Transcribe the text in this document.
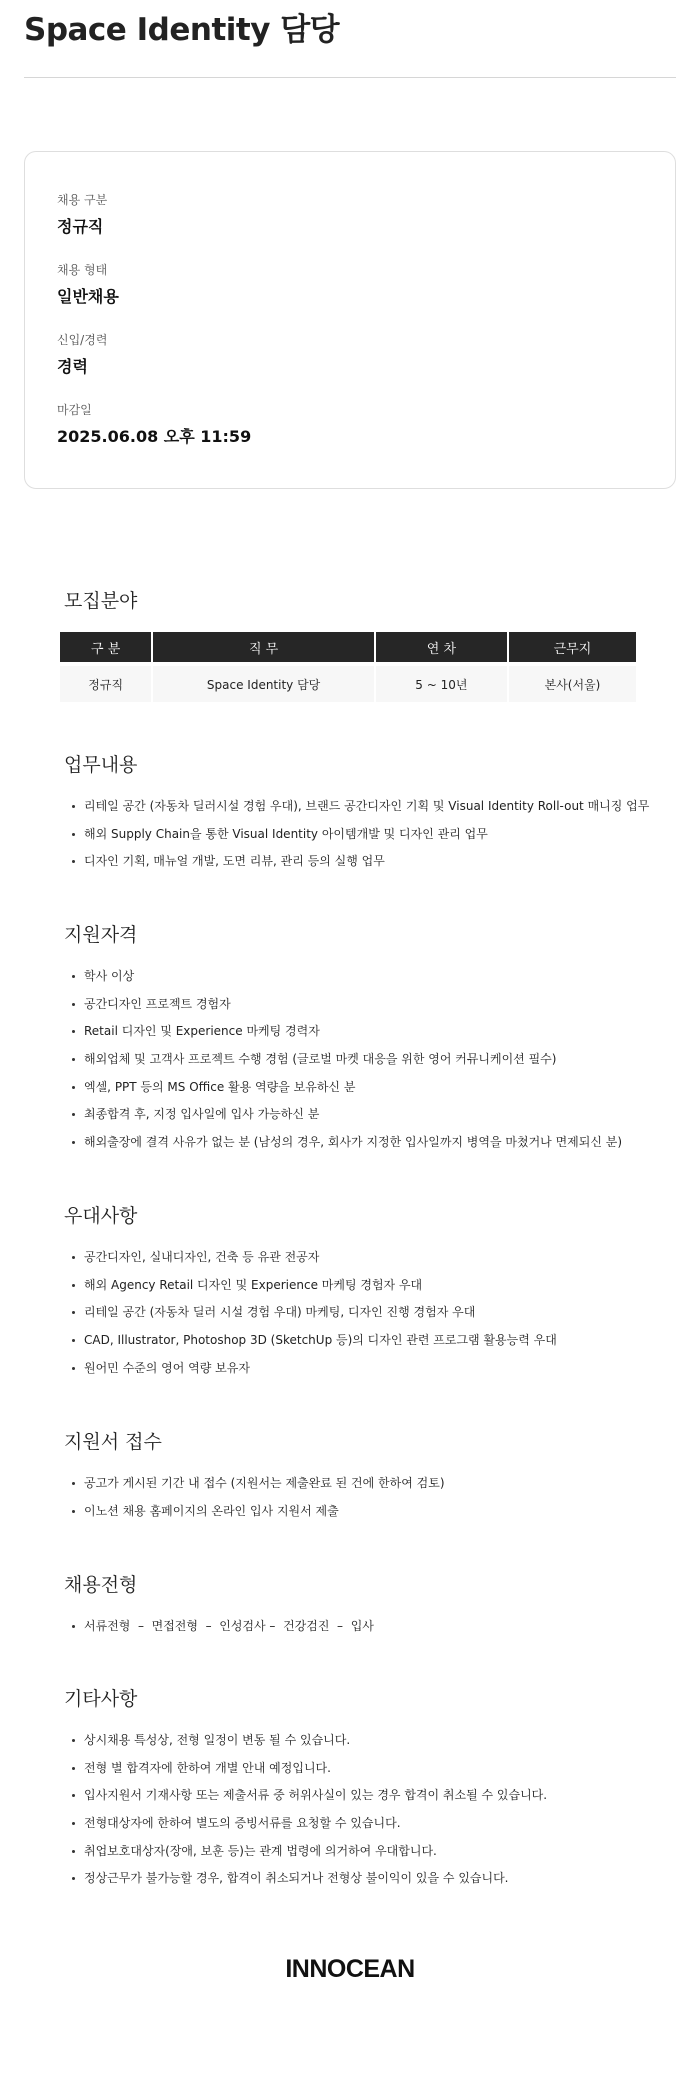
Space Identity 담당
채용 구분
정규직
채용 형태
일반채용
신입/경력
경력
마감일
2025.06.08 오후 11:59
모집분야
구 분	직 무	연 차	근무지
정규직	Space Identity 담당	5 ~ 10년	본사(서울)
업무내용
리테일 공간 (자동차 딜러시설 경험 우대), 브랜드 공간디자인 기획 및 Visual Identity Roll-out 매니징 업무
해외 Supply Chain을 통한 Visual Identity 아이템개발 및 디자인 관리 업무
디자인 기획, 매뉴얼 개발, 도면 리뷰, 관리 등의 실행 업무
지원자격
학사 이상
공간디자인 프로젝트 경험자
Retail 디자인 및 Experience 마케팅 경력자
해외업체 및 고객사 프로젝트 수행 경험 (글로벌 마켓 대응을 위한 영어 커뮤니케이션 필수)
엑셀, PPT 등의 MS Office 활용 역량을 보유하신 분
최종합격 후, 지정 입사일에 입사 가능하신 분
해외출장에 결격 사유가 없는 분 (남성의 경우, 회사가 지정한 입사일까지 병역을 마쳤거나 면제되신 분)
우대사항
공간디자인, 실내디자인, 건축 등 유관 전공자
해외 Agency Retail 디자인 및 Experience 마케팅 경험자 우대
리테일 공간 (자동차 딜러 시설 경험 우대) 마케팅, 디자인 진행 경험자 우대
CAD, Illustrator, Photoshop 3D (SketchUp 등)의 디자인 관련 프로그램 활용능력 우대
원어민 수준의 영어 역량 보유자
지원서 접수
공고가 게시된 기간 내 접수 (지원서는 제출완료 된 건에 한하여 검토)
이노션 채용 홈페이지의 온라인 입사 지원서 제출
채용전형
서류전형  –  면접전형  –  인성검사 –  건강검진  –  입사
기타사항
상시채용 특성상, 전형 일정이 변동 될 수 있습니다.
전형 별 합격자에 한하여 개별 안내 예정입니다.
입사지원서 기재사항 또는 제출서류 중 허위사실이 있는 경우 합격이 취소될 수 있습니다.
전형대상자에 한하여 별도의 증빙서류를 요청할 수 있습니다.
취업보호대상자(장애, 보훈 등)는 관계 법령에 의거하여 우대합니다.
정상근무가 불가능할 경우, 합격이 취소되거나 전형상 불이익이 있을 수 있습니다.
INNOCEAN
